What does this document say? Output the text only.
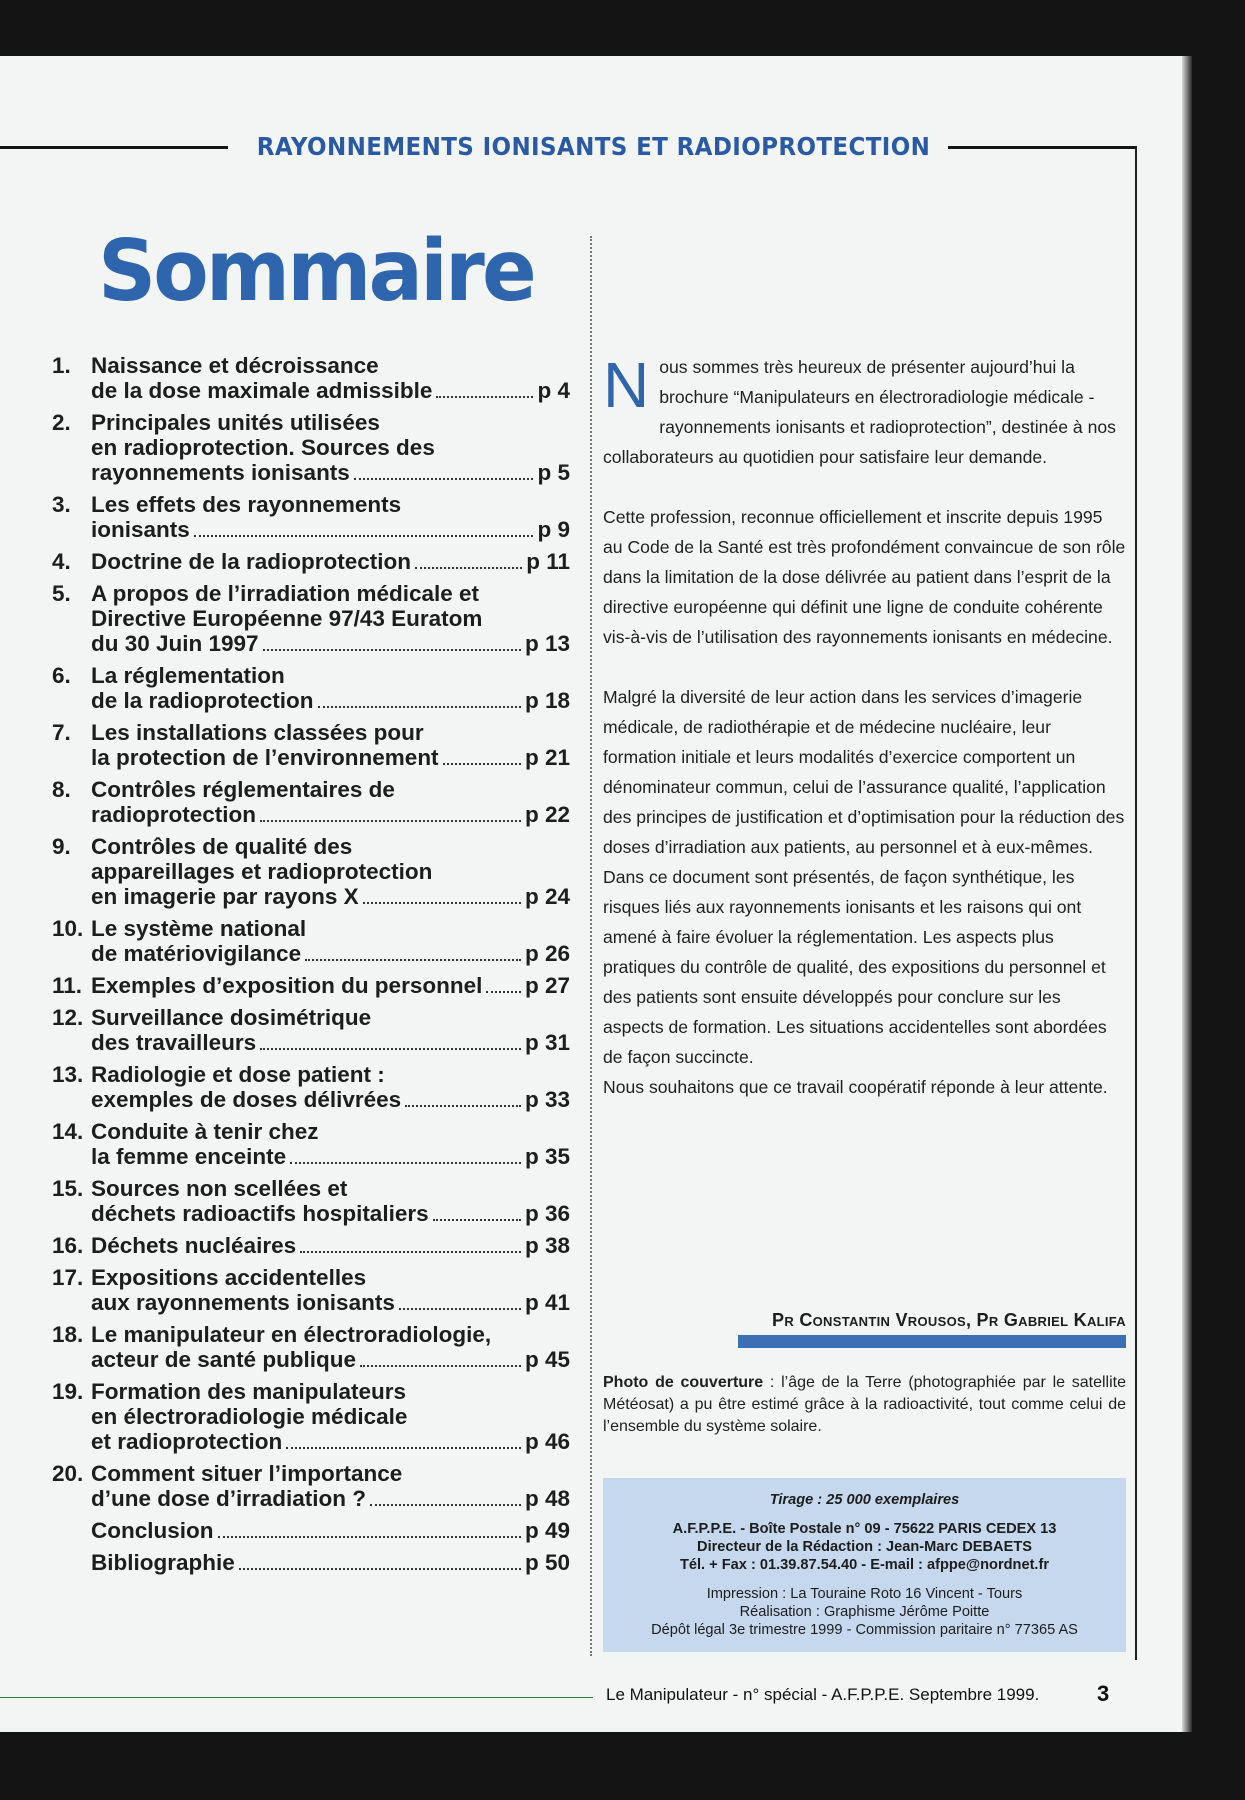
RAYONNEMENTS IONISANTS ET RADIOPROTECTION
Sommaire
1. Naissance et décroissance
de la dose maximale admissible	p 4
2. Principales unités utilisées
en radioprotection. Sources des
rayonnements ionisants	p 5
3. Les effets des rayonnements
ionisants	p 9
4. Doctrine de la radioprotection	p 11
5. A propos de l’irradiation médicale et
Directive Européenne 97/43 Euratom
du 30 Juin 1997	p 13
6. La réglementation
de la radioprotection	p 18
7. Les installations classées pour
la protection de l’environnement	p 21
8. Contrôles réglementaires de
radioprotection	p 22
9. Contrôles de qualité des
appareillages et radioprotection
en imagerie par rayons X	p 24
10. Le système national
de matériovigilance	p 26
11. Exemples d’exposition du personnel p 27
12. Surveillance dosimétrique
des travailleurs	p 31
13. Radiologie et dose patient :
exemples de doses délivrées	p 33
14. Conduite à tenir chez
la femme enceinte	p 35
15. Sources non scellées et
déchets radioactifs hospitaliers	p 36
16. Déchets nucléaires	p 38
17. Expositions accidentelles
aux rayonnements ionisants	p 41
18. Le manipulateur en électroradiologie,
acteur de santé publique	p 45
19. Formation des manipulateurs
en électroradiologie médicale
et radioprotection	p 46
20. Comment situer l’importance
d’une dose d’irradiation ?	p 48
Conclusion	p 49
Bibliographie	p 50

Nous sommes très heureux de présenter aujourd’hui la brochure “Manipulateurs en électroradiologie médicale - rayonnements ionisants et radioprotection”, destinée à nos collaborateurs au quotidien pour satisfaire leur demande.

Cette profession, reconnue officiellement et inscrite depuis 1995 au Code de la Santé est très profondément convaincue de son rôle dans la limitation de la dose délivrée au patient dans l’esprit de la directive européenne qui définit une ligne de conduite cohérente vis-à-vis de l’utilisation des rayonnements ionisants en médecine.

Malgré la diversité de leur action dans les services d’imagerie médicale, de radiothérapie et de médecine nucléaire, leur formation initiale et leurs modalités d’exercice comportent un dénominateur commun, celui de l’assurance qualité, l’application des principes de justification et d’optimisation pour la réduction des doses d’irradiation aux patients, au personnel et à eux-mêmes. Dans ce document sont présentés, de façon synthétique, les risques liés aux rayonnements ionisants et les raisons qui ont amené à faire évoluer la réglementation. Les aspects plus pratiques du contrôle de qualité, des expositions du personnel et des patients sont ensuite développés pour conclure sur les aspects de formation. Les situations accidentelles sont abordées de façon succincte.

Nous souhaitons que ce travail coopératif réponde à leur attente.

Pr Constantin Vrousos, Pr Gabriel Kalifa
Photo de couverture : l’âge de la Terre (photographiée par le satellite Météosat) a pu être estimé grâce à la radioactivité, tout comme celui de l’ensemble du système solaire.
Tirage : 25 000 exemplaires
A.F.P.P.E. - Boîte Postale n° 09 - 75622 PARIS CEDEX 13
Directeur de la Rédaction : Jean-Marc DEBAETS
Tél. + Fax : 01.39.87.54.40 - E-mail : afppe@nordnet.fr
Impression : La Touraine Roto 16 Vincent - Tours
Réalisation : Graphisme Jérôme Poitte
Dépôt légal 3e trimestre 1999 - Commission paritaire n° 77365 AS
Le Manipulateur - n° spécial - A.F.P.P.E. Septembre 1999.	3
